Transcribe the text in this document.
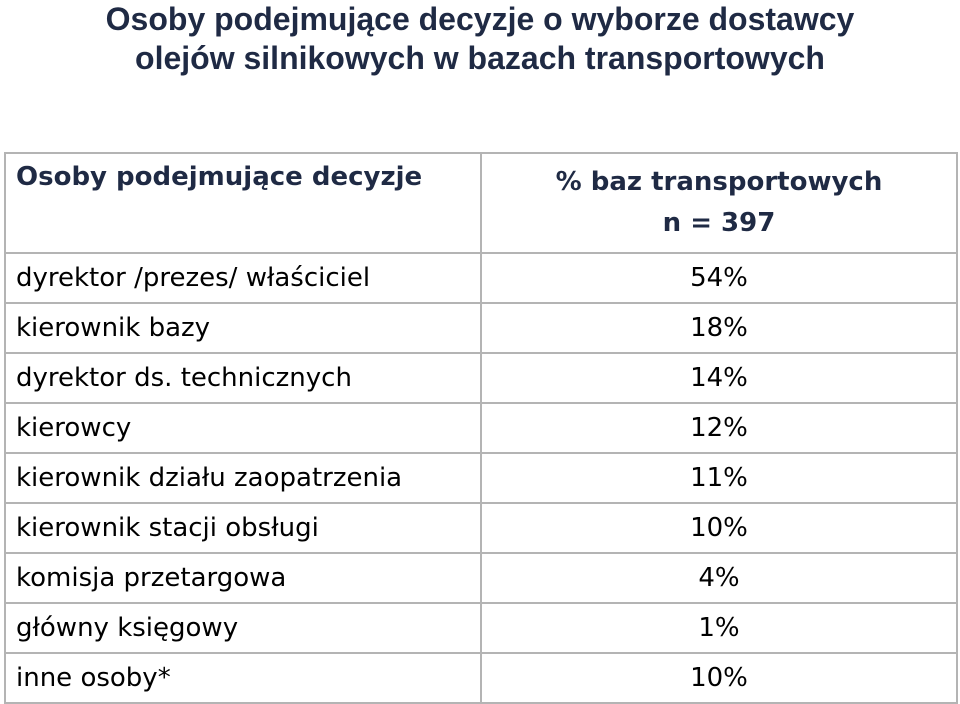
Osoby podejmujące decyzje o wyborze dostawcy
olejów silnikowych w bazach transportowych
Osoby podejmujące decyzje	% baz transportowych
n = 397

dyrektor /prezes/ właściciel	54%
kierownik bazy	18%
dyrektor ds. technicznych	14%
kierowcy	12%
kierownik działu zaopatrzenia	11%
kierownik stacji obsługi	10%
komisja przetargowa	4%
główny księgowy	1%
inne osoby*	10%
